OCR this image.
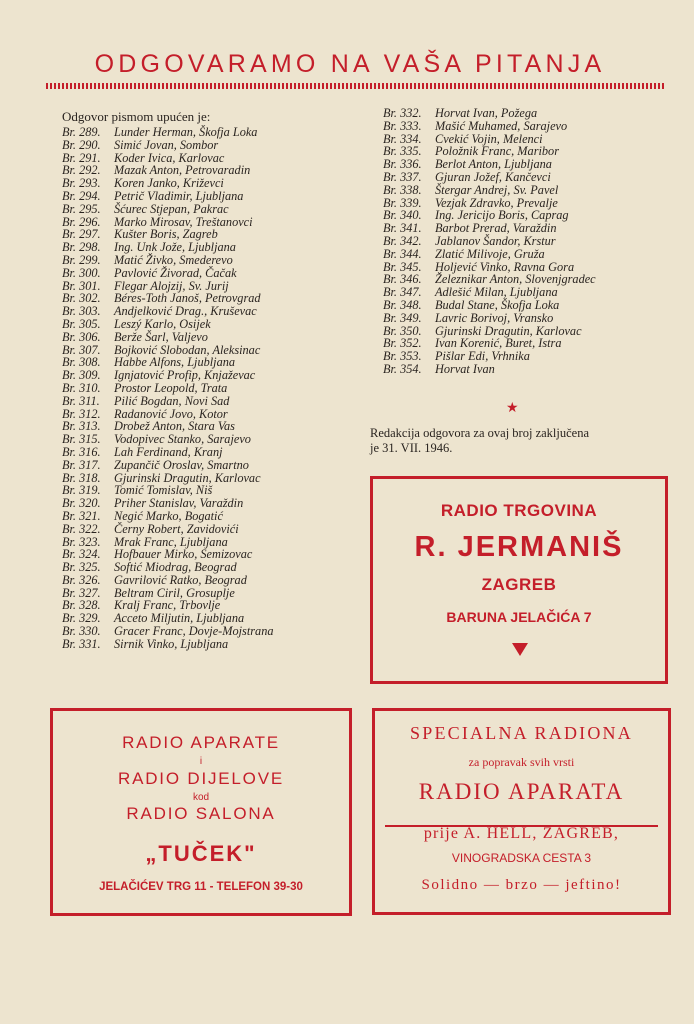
ODGOVARAMO NA VAŠA PITANJA
Odgovor pismom upućen je:
Br. 289. Lunder Herman, Škofja Loka
Br. 290. Simić Jovan, Sombor
Br. 291. Koder Ivica, Karlovac
Br. 292. Mazak Anton, Petrovaradin
Br. 293. Koren Janko, Križevci
Br. 294. Petrič Vladimir, Ljubljana
Br. 295. Šćurec Stjepan, Pakrac
Br. 296. Marko Mirosav, Treštanovci
Br. 297. Kušter Boris, Zagreb
Br. 298. Ing. Unk Jože, Ljubljana
Br. 299. Matić Živko, Smederevo
Br. 300. Pavlović Živorad, Čačak
Br. 301. Flegar Alojzij, Sv. Jurij
Br. 302. Béres-Toth Janoš, Petrovgrad
Br. 303. Andjelković Drag., Kruševac
Br. 305. Leszý Karlo, Osijek
Br. 306. Berže Šarl, Valjevo
Br. 307. Bojković Slobodan, Aleksinac
Br. 308. Habbe Alfons, Ljubljana
Br. 309. Ignjatović Profip, Knjaževac
Br. 310. Prostor Leopold, Trata
Br. 311. Pilić Bogdan, Novi Sad
Br. 312. Radanović Jovo, Kotor
Br. 313. Drobež Anton, Stara Vas
Br. 315. Vodopivec Stanko, Sarajevo
Br. 316. Lah Ferdinand, Kranj
Br. 317. Zupančič Oroslav, Smartno
Br. 318. Gjurinski Dragutin, Karlovac
Br. 319. Tomić Tomislav, Niš
Br. 320. Priher Stanislav, Varaždin
Br. 321. Negić Marko, Bogatić
Br. 322. Černy Robert, Zavidovići
Br. 323. Mrak Franc, Ljubljana
Br. 324. Hofbauer Mirko, Semizovac
Br. 325. Softić Miodrag, Beograd
Br. 326. Gavrilović Ratko, Beograd
Br. 327. Beltram Ciril, Grosuplje
Br. 328. Kralj Franc, Trbovlje
Br. 329. Acceto Miljutin, Ljubljana
Br. 330. Gracer Franc, Dovje-Mojstrana
Br. 331. Sirnik Vinko, Ljubljana
Br. 332. Horvat Ivan, Požega
Br. 333. Mašić Muhamed, Sarajevo
Br. 334. Cvekić Vojin, Melenci
Br. 335. Položnik Franc, Maribor
Br. 336. Berlot Anton, Ljubljana
Br. 337. Gjuran Jožef, Kančevci
Br. 338. Štergar Andrej, Sv. Pavel
Br. 339. Vezjak Zdravko, Prevalje
Br. 340. Ing. Jericijo Boris, Caprag
Br. 341. Barbot Prerad, Varaždin
Br. 342. Jablanov Šandor, Krstur
Br. 344. Zlatić Milivoje, Gruža
Br. 345. Holjević Vinko, Ravna Gora
Br. 346. Železnikar Anton, Slovenjgradec
Br. 347. Adlešić Milan, Ljubljana
Br. 348. Budal Stane, Škofja Loka
Br. 349. Lavric Borivoj, Vransko
Br. 350. Gjurinski Dragutin, Karlovac
Br. 352. Ivan Korenić, Buret, Istra
Br. 353. Pišlar Edi, Vrhnika
Br. 354. Horvat Ivan
★
Redakcija odgovora za ovaj broj zaključena
je 31. VII. 1946.
RADIO TRGOVINA
R. JERMANIŠ
ZAGREB
BARUNA JELAČIĆA 7
RADIO APARATE
i
RADIO DIJELOVE
kod
RADIO SALONA
„TUČEK"
JELAČIĆEV TRG 11 - TELEFON 39-30
SPECIALNA RADIONA
za popravak svih vrsti
RADIO APARATA
prije A. HELL, ZAGREB,
VINOGRADSKA CESTA 3
Solidno — brzo — jeftino!
